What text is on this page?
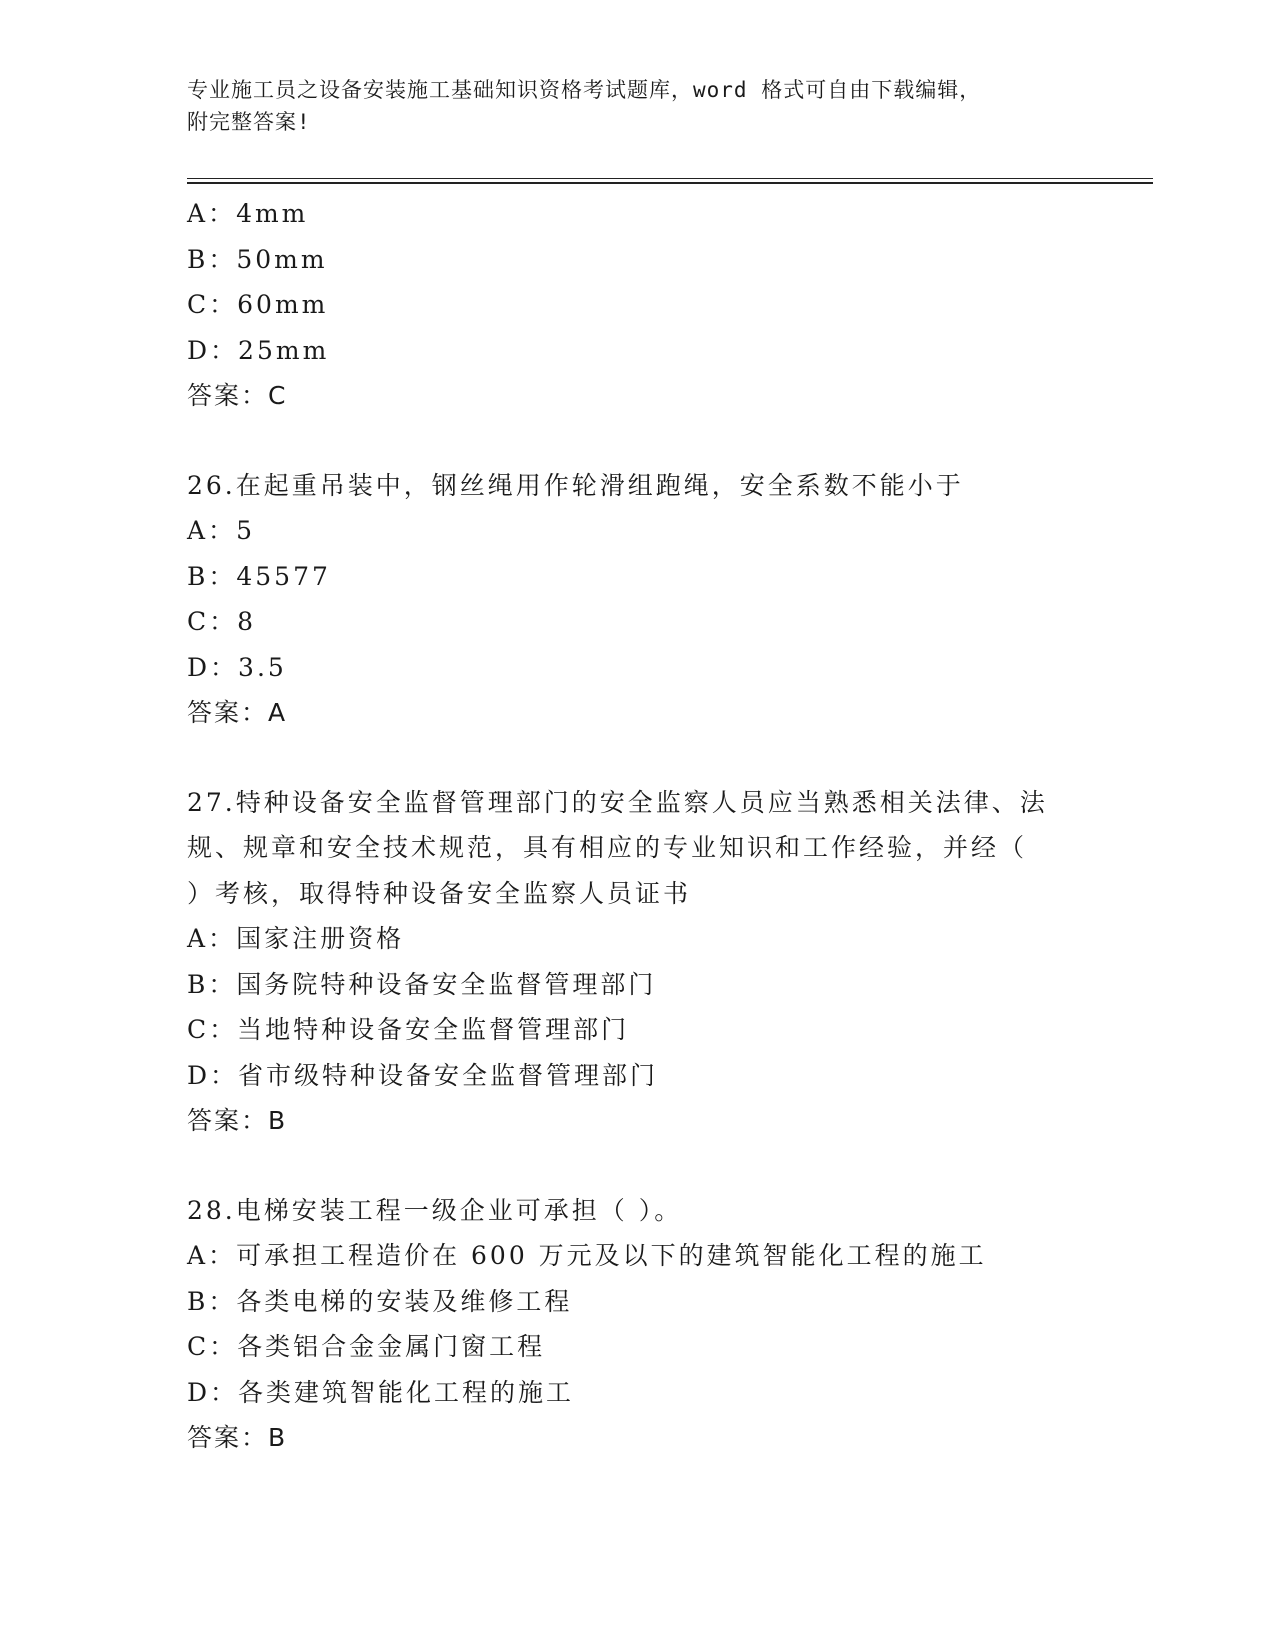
专业施工员之设备安装施工基础知识资格考试题库，word 格式可自由下载编辑，
附完整答案!
A：4mm
B：50mm
C：60mm
D：25mm
答案：C
26.在起重吊装中，钢丝绳用作轮滑组跑绳，安全系数不能小于
A：5
B：45577
C：8
D：3.5
答案：A
27.特种设备安全监督管理部门的安全监察人员应当熟悉相关法律、法
规、规章和安全技术规范，具有相应的专业知识和工作经验，并经（
）考核，取得特种设备安全监察人员证书
A：国家注册资格
B：国务院特种设备安全监督管理部门
C：当地特种设备安全监督管理部门
D：省市级特种设备安全监督管理部门
答案：B
28.电梯安装工程一级企业可承担（ ）。
A：可承担工程造价在 600 万元及以下的建筑智能化工程的施工
B：各类电梯的安装及维修工程
C：各类铝合金金属门窗工程
D：各类建筑智能化工程的施工
答案：B
